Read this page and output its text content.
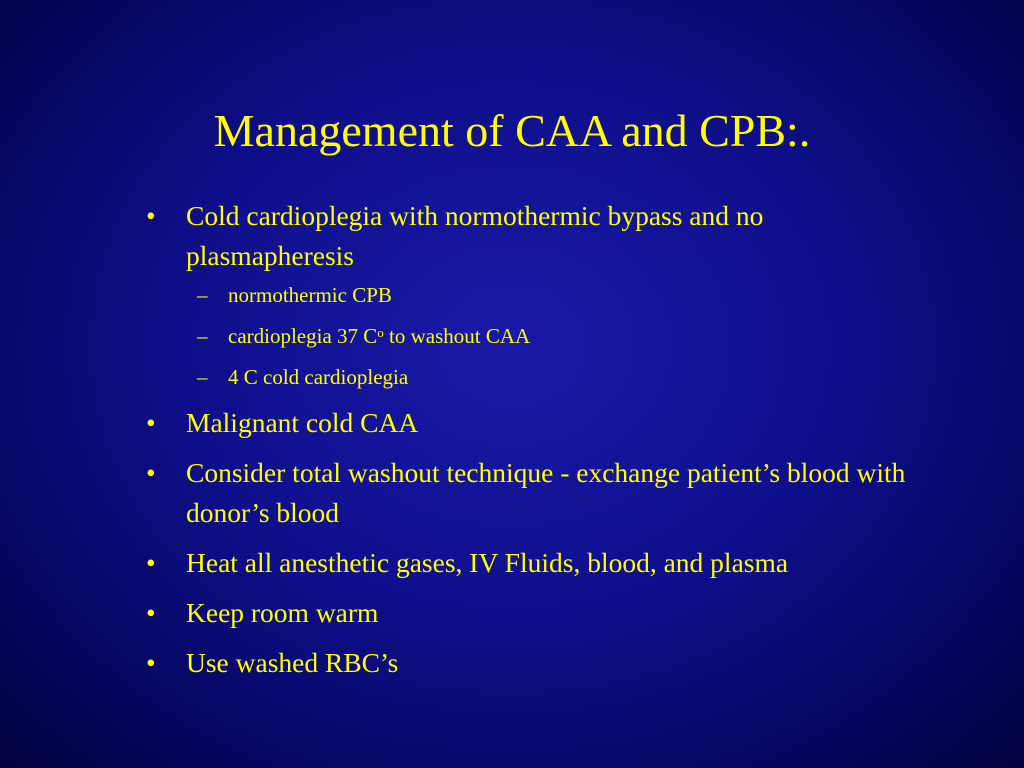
Management of CAA and CPB:.
• Cold cardioplegia with normothermic bypass and no plasmapheresis
– normothermic CPB
– cardioplegia 37 $C^o$ to washout CAA
– 4 C cold cardioplegia
• Malignant cold CAA
• Consider total washout technique - exchange patient’s blood with donor’s blood
• Heat all anesthetic gases, IV Fluids, blood, and plasma
• Keep room warm
• Use washed RBC’s
